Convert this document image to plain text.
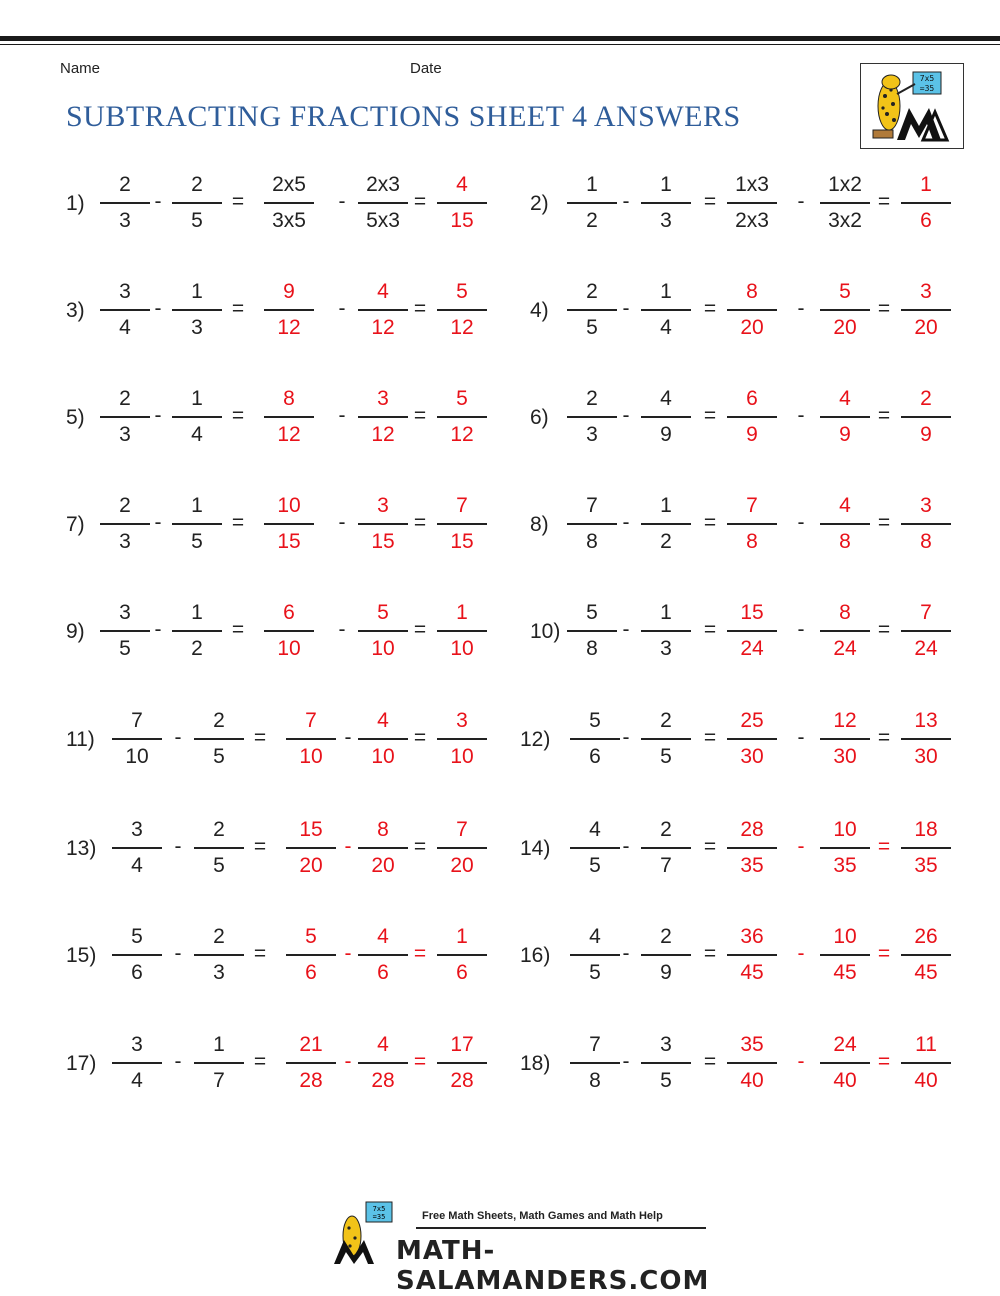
Name	Date
SUBTRACTING FRACTIONS SHEET 4 ANSWERS
7x5
=35
1)
2
3
-
2
5
=
2x5
3x5
-
2x3
5x3
=
4
15
2)
1
2
-
1
3
=
1x3
2x3
-
1x2
3x2
=
1
6
3)
3
4
-
1
3
=
9
12
-
4
12
=
5
12
4)
2
5
-
1
4
=
8
20
-
5
20
=
3
20
5)
2
3
-
1
4
=
8
12
-
3
12
=
5
12
6)
2
3
-
4
9
=
6
9
-
4
9
=
2
9
7)
2
3
-
1
5
=
10
15
-
3
15
=
7
15
8)
7
8
-
1
2
=
7
8
-
4
8
=
3
8
9)
3
5
-
1
2
=
6
10
-
5
10
=
1
10
10)
5
8
-
1
3
=
15
24
-
8
24
=
7
24
11)
7
10
-
2
5
=
7
10
-
4
10
=
3
10
12)
5
6
-
2
5
=
25
30
-
12
30
=
13
30
13)
3
4
-
2
5
=
15
20
-
8
20
=
7
20
14)
4
5
-
2
7
=
28
35
-
10
35
=
18
35
15)
5
6
-
2
3
=
5
6
-
4
6
=
1
6
16)
4
5
-
2
9
=
36
45
-
10
45
=
26
45
17)
3
4
-
1
7
=
21
28
-
4
28
=
17
28
18)
7
8
-
3
5
=
35
40
-
24
40
=
11
40
7x5
=35	Free Math Sheets, Math Games and Math Help
MATH-SALAMANDERS.COM
